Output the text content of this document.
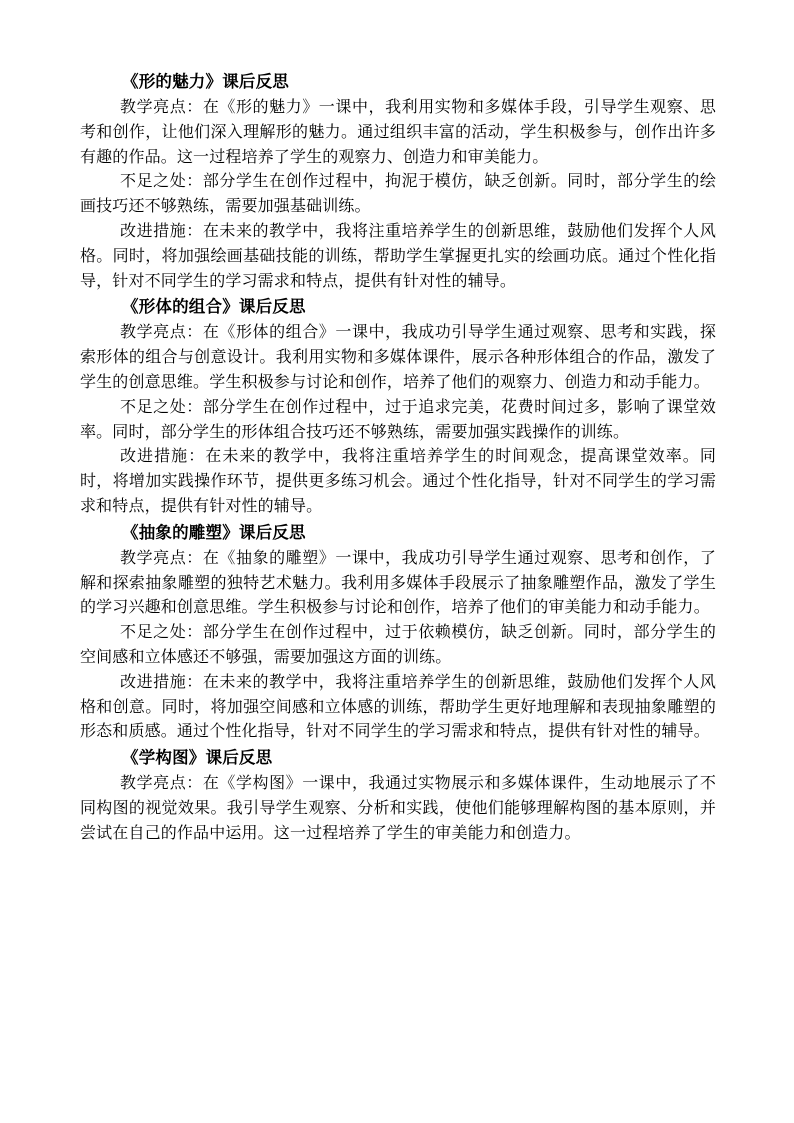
《形的魅力》课后反思

教学亮点：在《形的魅力》一课中，我利用实物和多媒体手段，引导学生观察、思考和创作，让他们深入理解形的魅力。通过组织丰富的活动，学生积极参与，创作出许多有趣的作品。这一过程培养了学生的观察力、创造力和审美能力。

不足之处：部分学生在创作过程中，拘泥于模仿，缺乏创新。同时，部分学生的绘画技巧还不够熟练，需要加强基础训练。

改进措施：在未来的教学中，我将注重培养学生的创新思维，鼓励他们发挥个人风格。同时，将加强绘画基础技能的训练，帮助学生掌握更扎实的绘画功底。通过个性化指导，针对不同学生的学习需求和特点，提供有针对性的辅导。

《形体的组合》课后反思

教学亮点：在《形体的组合》一课中，我成功引导学生通过观察、思考和实践，探索形体的组合与创意设计。我利用实物和多媒体课件，展示各种形体组合的作品，激发了学生的创意思维。学生积极参与讨论和创作，培养了他们的观察力、创造力和动手能力。

不足之处：部分学生在创作过程中，过于追求完美，花费时间过多，影响了课堂效率。同时，部分学生的形体组合技巧还不够熟练，需要加强实践操作的训练。

改进措施：在未来的教学中，我将注重培养学生的时间观念，提高课堂效率。同时，将增加实践操作环节，提供更多练习机会。通过个性化指导，针对不同学生的学习需求和特点，提供有针对性的辅导。

《抽象的雕塑》课后反思

教学亮点：在《抽象的雕塑》一课中，我成功引导学生通过观察、思考和创作，了解和探索抽象雕塑的独特艺术魅力。我利用多媒体手段展示了抽象雕塑作品，激发了学生的学习兴趣和创意思维。学生积极参与讨论和创作，培养了他们的审美能力和动手能力。

不足之处：部分学生在创作过程中，过于依赖模仿，缺乏创新。同时，部分学生的空间感和立体感还不够强，需要加强这方面的训练。

改进措施：在未来的教学中，我将注重培养学生的创新思维，鼓励他们发挥个人风格和创意。同时，将加强空间感和立体感的训练，帮助学生更好地理解和表现抽象雕塑的形态和质感。通过个性化指导，针对不同学生的学习需求和特点，提供有针对性的辅导。

《学构图》课后反思

教学亮点：在《学构图》一课中，我通过实物展示和多媒体课件，生动地展示了不同构图的视觉效果。我引导学生观察、分析和实践，使他们能够理解构图的基本原则，并尝试在自己的作品中运用。这一过程培养了学生的审美能力和创造力。
